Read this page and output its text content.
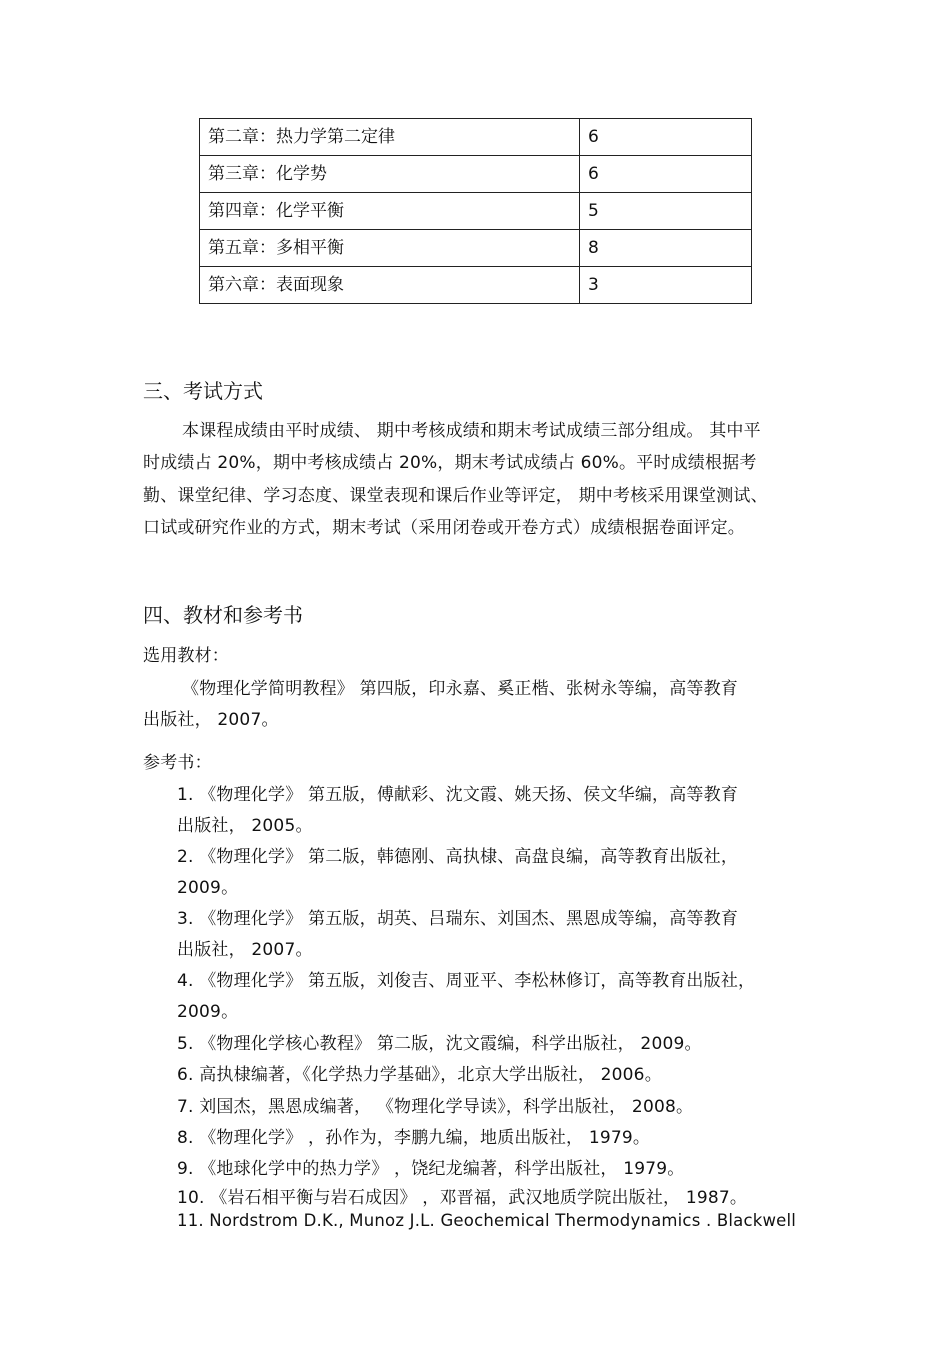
第二章：热力学第二定律	6
第三章：化学势	6
第四章：化学平衡	5
第五章：多相平衡	8
第六章：表面现象	3
三、考试方式
本课程成绩由平时成绩、 期中考核成绩和期末考试成绩三部分组成。 其中平
时成绩占 20%，期中考核成绩占 20%，期末考试成绩占 60%。平时成绩根据考
勤、课堂纪律、学习态度、课堂表现和课后作业等评定， 期中考核采用课堂测试、
口试或研究作业的方式，期末考试（采用闭卷或开卷方式）成绩根据卷面评定。
四、教材和参考书
选用教材：
《物理化学简明教程》 第四版，印永嘉、奚正楷、张树永等编，高等教育
出版社， 2007。
参考书：
1. 《物理化学》 第五版，傅献彩、沈文霞、姚天扬、侯文华编，高等教育
出版社， 2005。
2. 《物理化学》 第二版，韩德刚、高执棣、高盘良编，高等教育出版社，
2009。
3. 《物理化学》 第五版，胡英、吕瑞东、刘国杰、黑恩成等编，高等教育
出版社， 2007。
4. 《物理化学》 第五版，刘俊吉、周亚平、李松林修订，高等教育出版社，
2009。
5. 《物理化学核心教程》 第二版，沈文霞编，科学出版社， 2009。
6. 高执棣编著，《化学热力学基础》，北京大学出版社， 2006。
7. 刘国杰，黑恩成编著， 《物理化学导读》，科学出版社， 2008。
8. 《物理化学》 ，孙作为，李鹏九编，地质出版社， 1979。
9. 《地球化学中的热力学》 ，饶纪龙编著，科学出版社， 1979。
10. 《岩石相平衡与岩石成因》 ，邓晋福，武汉地质学院出版社， 1987。
11. Nordstrom D.K., Munoz J.L. Geochemical Thermodynamics . Blackwell
